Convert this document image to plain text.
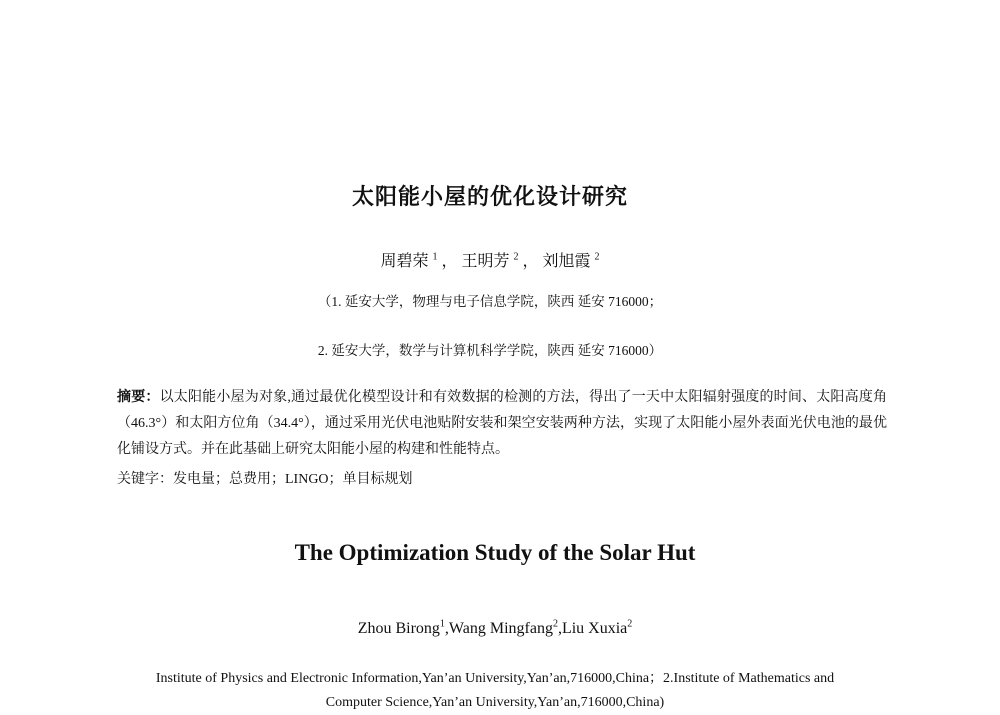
太阳能小屋的优化设计研究
周碧荣 $^1$ ， 王明芳 $^2$ ， 刘旭霞 $^2$
（1. 延安大学，物理与电子信息学院，陕西 延安 716000；
2. 延安大学，数学与计算机科学学院，陕西 延安 716000）
摘要：以太阳能小屋为对象,通过最优化模型设计和有效数据的检测的方法，得出了一天中太阳辐射强度的时间、太阳高度角（46.3°）和太阳方位角（34.4°），通过采用光伏电池贴附安装和架空安装两种方法，实现了太阳能小屋外表面光伏电池的最优化铺设方式。并在此基础上研究太阳能小屋的构建和性能特点。
关键字：发电量；总费用；LINGO；单目标规划
The Optimization Study of the Solar Hut
Zhou Birong$^1$,Wang Mingfang$^2$,Liu Xuxia$^2$
Institute of Physics and Electronic Information,Yan’an University,Yan’an,716000,China；2.Institute of Mathematics and Computer Science,Yan’an University,Yan’an,716000,China)
